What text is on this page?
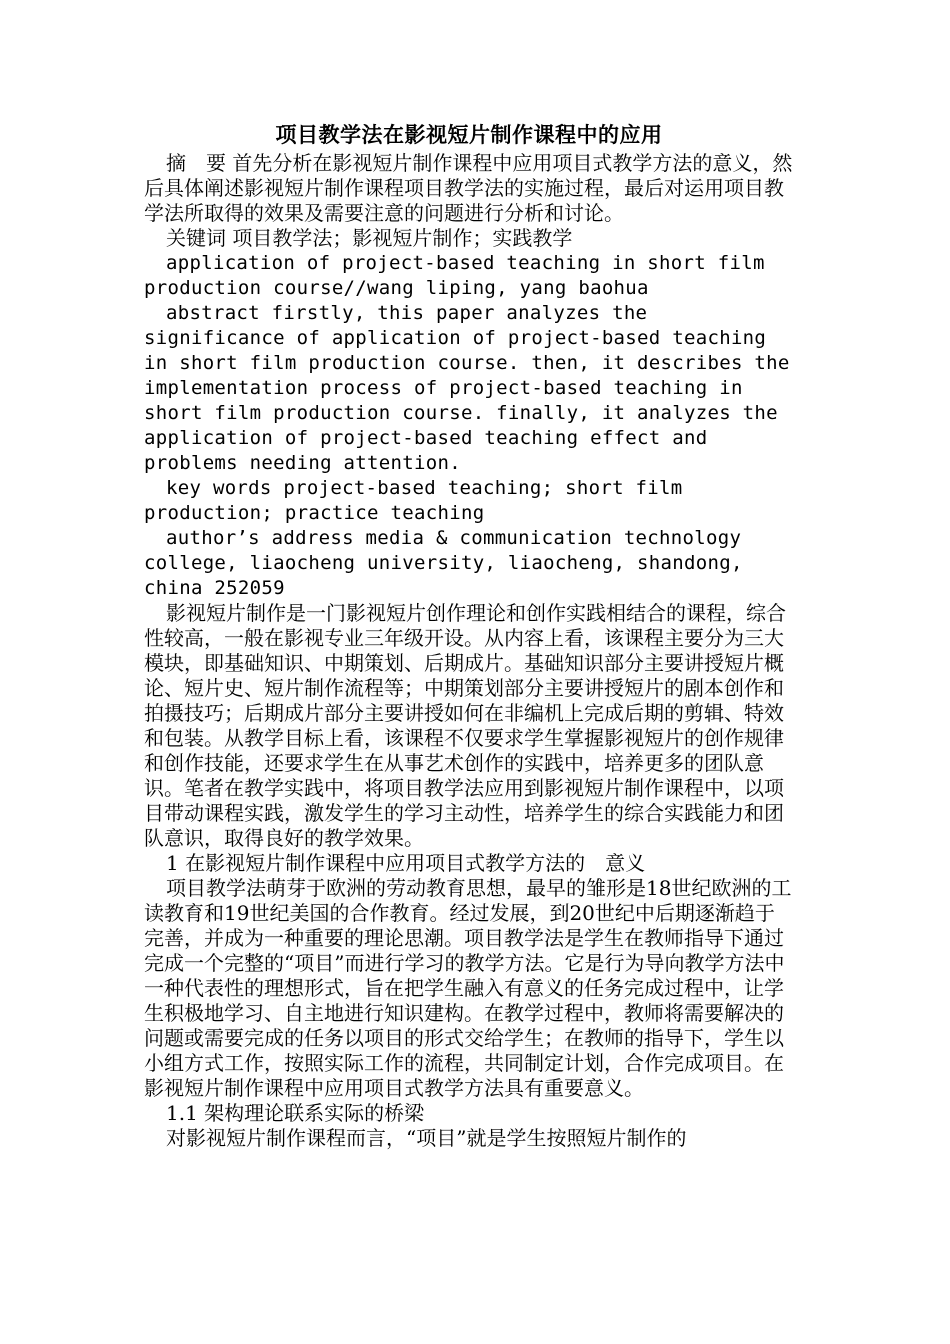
项目教学法在影视短片制作课程中的应用

摘　要 首先分析在影视短片制作课程中应用项目式教学方法的意义，然后具体阐述影视短片制作课程项目教学法的实施过程，最后对运用项目教学法所取得的效果及需要注意的问题进行分析和讨论。

关键词 项目教学法；影视短片制作；实践教学

application of project-based teaching in short film production course//wang liping, yang baohua

abstract firstly, this paper analyzes the significance of application of project-based teaching in short film production course. then, it describes the implementation process of project-based teaching in short film production course. finally, it analyzes the application of project-based teaching effect and problems needing attention.

key words project-based teaching; short film production; practice teaching

author’s address media & communication technology college, liaocheng university, liaocheng, shandong, china 252059

影视短片制作是一门影视短片创作理论和创作实践相结合的课程，综合性较高，一般在影视专业三年级开设。从内容上看，该课程主要分为三大模块，即基础知识、中期策划、后期成片。基础知识部分主要讲授短片概论、短片史、短片制作流程等；中期策划部分主要讲授短片的剧本创作和拍摄技巧；后期成片部分主要讲授如何在非编机上完成后期的剪辑、特效和包装。从教学目标上看，该课程不仅要求学生掌握影视短片的创作规律和创作技能，还要求学生在从事艺术创作的实践中，培养更多的团队意识。笔者在教学实践中，将项目教学法应用到影视短片制作课程中，以项目带动课程实践，激发学生的学习主动性，培养学生的综合实践能力和团队意识，取得良好的教学效果。

1 在影视短片制作课程中应用项目式教学方法的　意义

项目教学法萌芽于欧洲的劳动教育思想，最早的雏形是18世纪欧洲的工读教育和19世纪美国的合作教育。经过发展，到20世纪中后期逐渐趋于完善，并成为一种重要的理论思潮。项目教学法是学生在教师指导下通过完成一个完整的“项目”而进行学习的教学方法。它是行为导向教学方法中一种代表性的理想形式，旨在把学生融入有意义的任务完成过程中，让学生积极地学习、自主地进行知识建构。在教学过程中，教师将需要解决的问题或需要完成的任务以项目的形式交给学生；在教师的指导下，学生以小组方式工作，按照实际工作的流程，共同制定计划，合作完成项目。在影视短片制作课程中应用项目式教学方法具有重要意义。

1.1 架构理论联系实际的桥梁

对影视短片制作课程而言，“项目”就是学生按照短片制作的
